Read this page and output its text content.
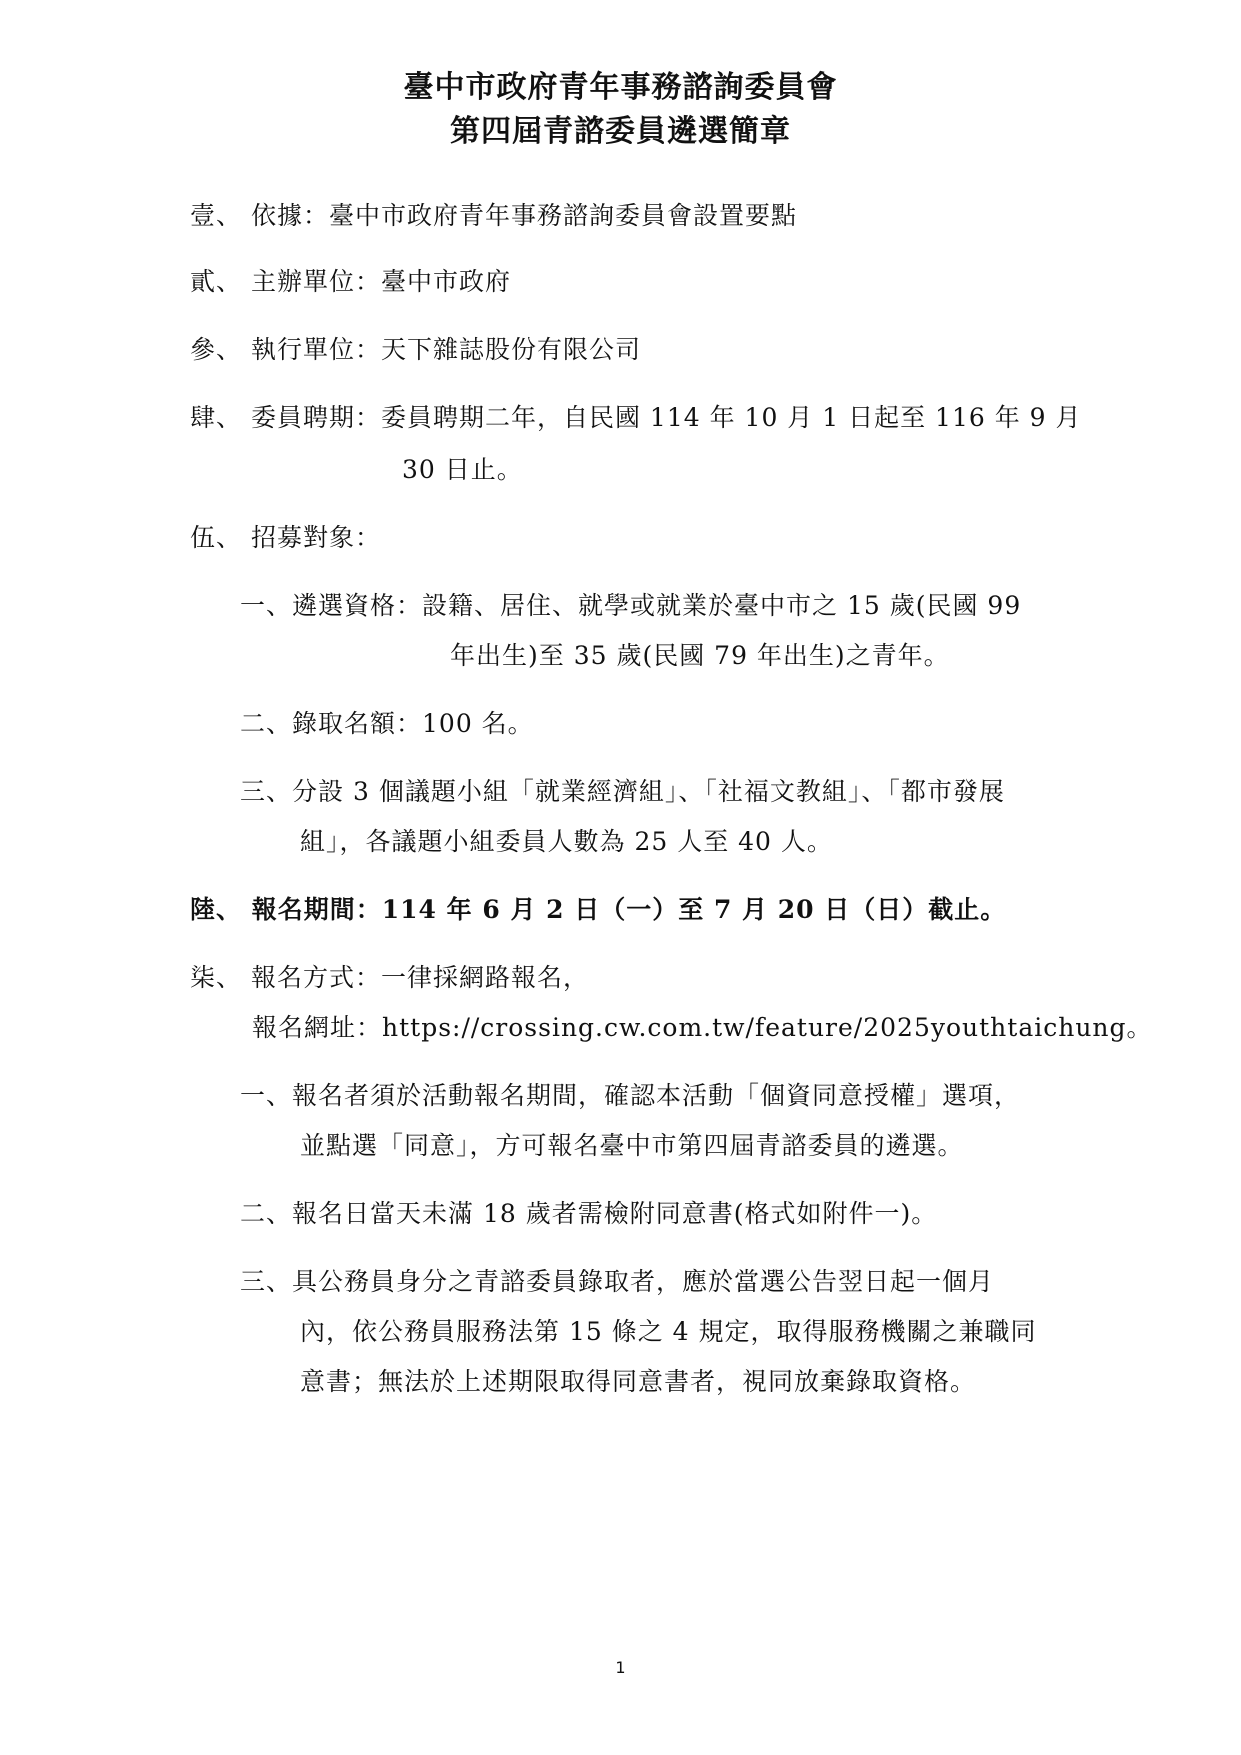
臺中市政府青年事務諮詢委員會
第四屆青諮委員遴選簡章
壹、 依據：臺中市政府青年事務諮詢委員會設置要點
貳、 主辦單位：臺中市政府
參、 執行單位：天下雜誌股份有限公司
肆、 委員聘期：委員聘期二年，自民國 114 年 10 月 1 日起至 116 年 9 月
30 日止。
伍、 招募對象：
一、遴選資格：設籍、居住、就學或就業於臺中市之 15 歲(民國 99
年出生)至 35 歲(民國 79 年出生)之青年。
二、錄取名額：100 名。
三、分設 3 個議題小組「就業經濟組」、「社福文教組」、「都市發展
組」，各議題小組委員人數為 25 人至 40 人。
陸、 報名期間：114 年 6 月 2 日（一）至 7 月 20 日（日）截止。
柒、 報名方式：一律採網路報名，
報名網址：https://crossing.cw.com.tw/feature/2025youthtaichung。
一、報名者須於活動報名期間，確認本活動「個資同意授權」選項，
並點選「同意」，方可報名臺中市第四屆青諮委員的遴選。
二、報名日當天未滿 18 歲者需檢附同意書(格式如附件一)。
三、具公務員身分之青諮委員錄取者，應於當選公告翌日起一個月
內，依公務員服務法第 15 條之 4 規定，取得服務機關之兼職同
意書；無法於上述期限取得同意書者，視同放棄錄取資格。
1
